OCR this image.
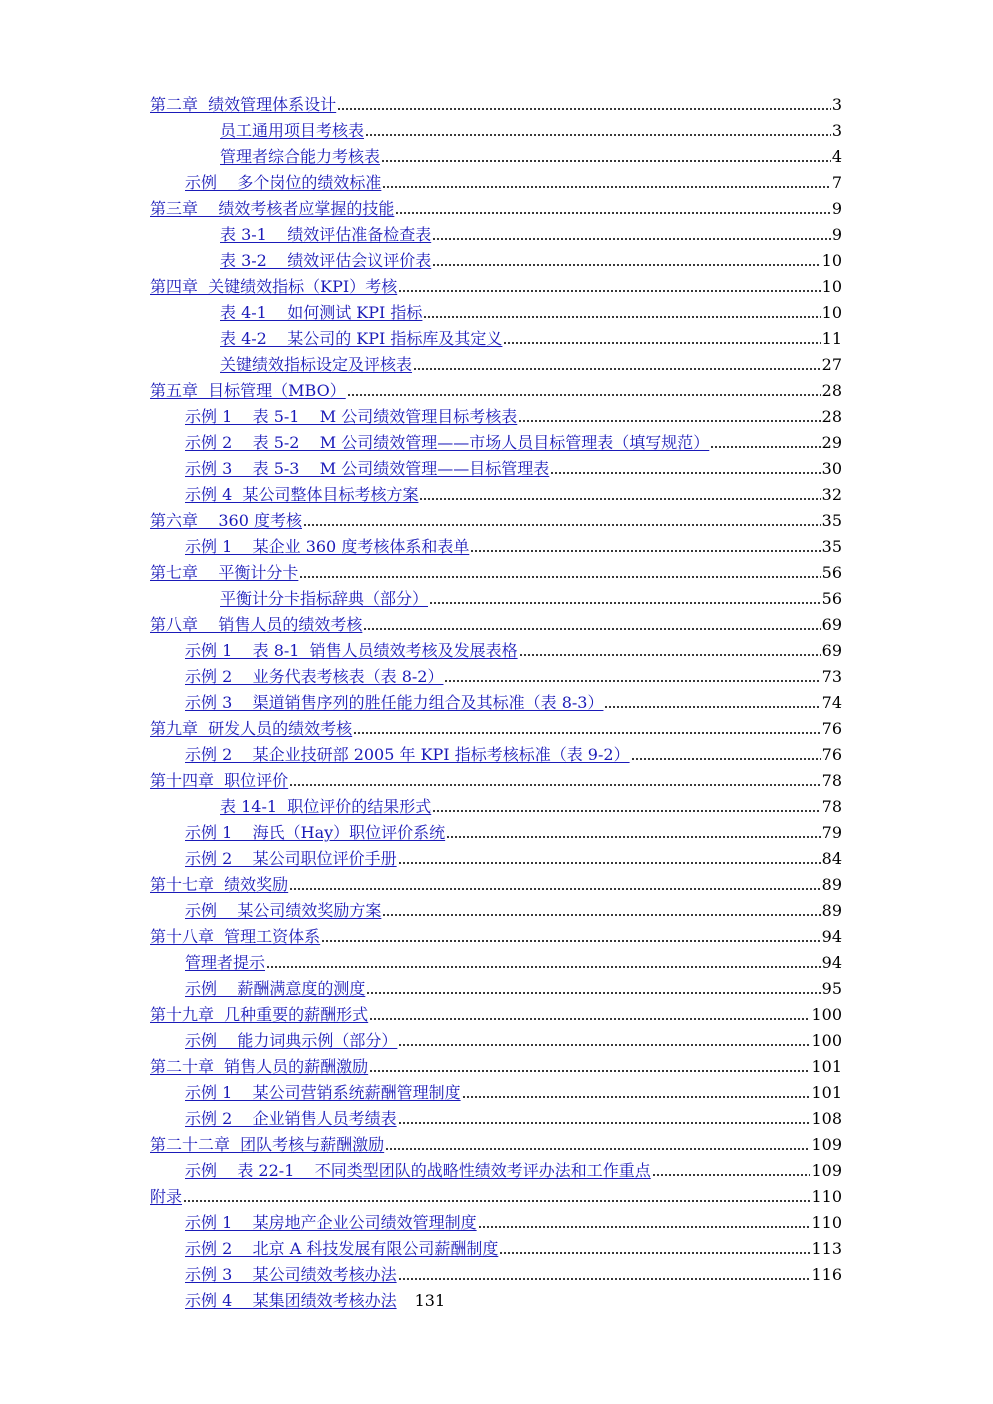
第二章  绩效管理体系设计	3
员工通用项目考核表	3
管理者综合能力考核表	4
示例    多个岗位的绩效标准	7
第三章    绩效考核者应掌握的技能	9
表 3-1    绩效评估准备检查表	9
表 3-2    绩效评估会议评价表	10
第四章  关键绩效指标（KPI）考核	10
表 4-1    如何测试 KPI 指标	10
表 4-2    某公司的 KPI 指标库及其定义	11
关键绩效指标设定及评核表	27
第五章  目标管理（MBO）	28
示例 1    表 5-1    M 公司绩效管理目标考核表	28
示例 2    表 5-2    M 公司绩效管理——市场人员目标管理表（填写规范）	29
示例 3    表 5-3    M 公司绩效管理——目标管理表	30
示例 4  某公司整体目标考核方案	32
第六章    360 度考核	35
示例 1    某企业 360 度考核体系和表单	35
第七章    平衡计分卡	56
平衡计分卡指标辞典（部分）	56
第八章    销售人员的绩效考核	69
示例 1    表 8-1  销售人员绩效考核及发展表格	69
示例 2    业务代表考核表（表 8-2）	73
示例 3    渠道销售序列的胜任能力组合及其标准（表 8-3）	74
第九章  研发人员的绩效考核	76
示例 2    某企业技研部 2005 年 KPI 指标考核标准（表 9-2）	76
第十四章  职位评价	78
表 14-1  职位评价的结果形式	78
示例 1    海氏（Hay）职位评价系统	79
示例 2    某公司职位评价手册	84
第十七章  绩效奖励	89
示例    某公司绩效奖励方案	89
第十八章  管理工资体系	94
管理者提示	94
示例    薪酬满意度的测度	95
第十九章  几种重要的薪酬形式	100
示例    能力词典示例（部分）	100
第二十章  销售人员的薪酬激励	101
示例 1    某公司营销系统薪酬管理制度	101
示例 2    企业销售人员考绩表	108
第二十二章  团队考核与薪酬激励	109
示例    表 22-1    不同类型团队的战略性绩效考评办法和工作重点	109
附录	110
示例 1    某房地产企业公司绩效管理制度	110
示例 2    北京 A 科技发展有限公司薪酬制度	113
示例 3    某公司绩效考核办法	116
示例 4    某集团绩效考核办法 131
